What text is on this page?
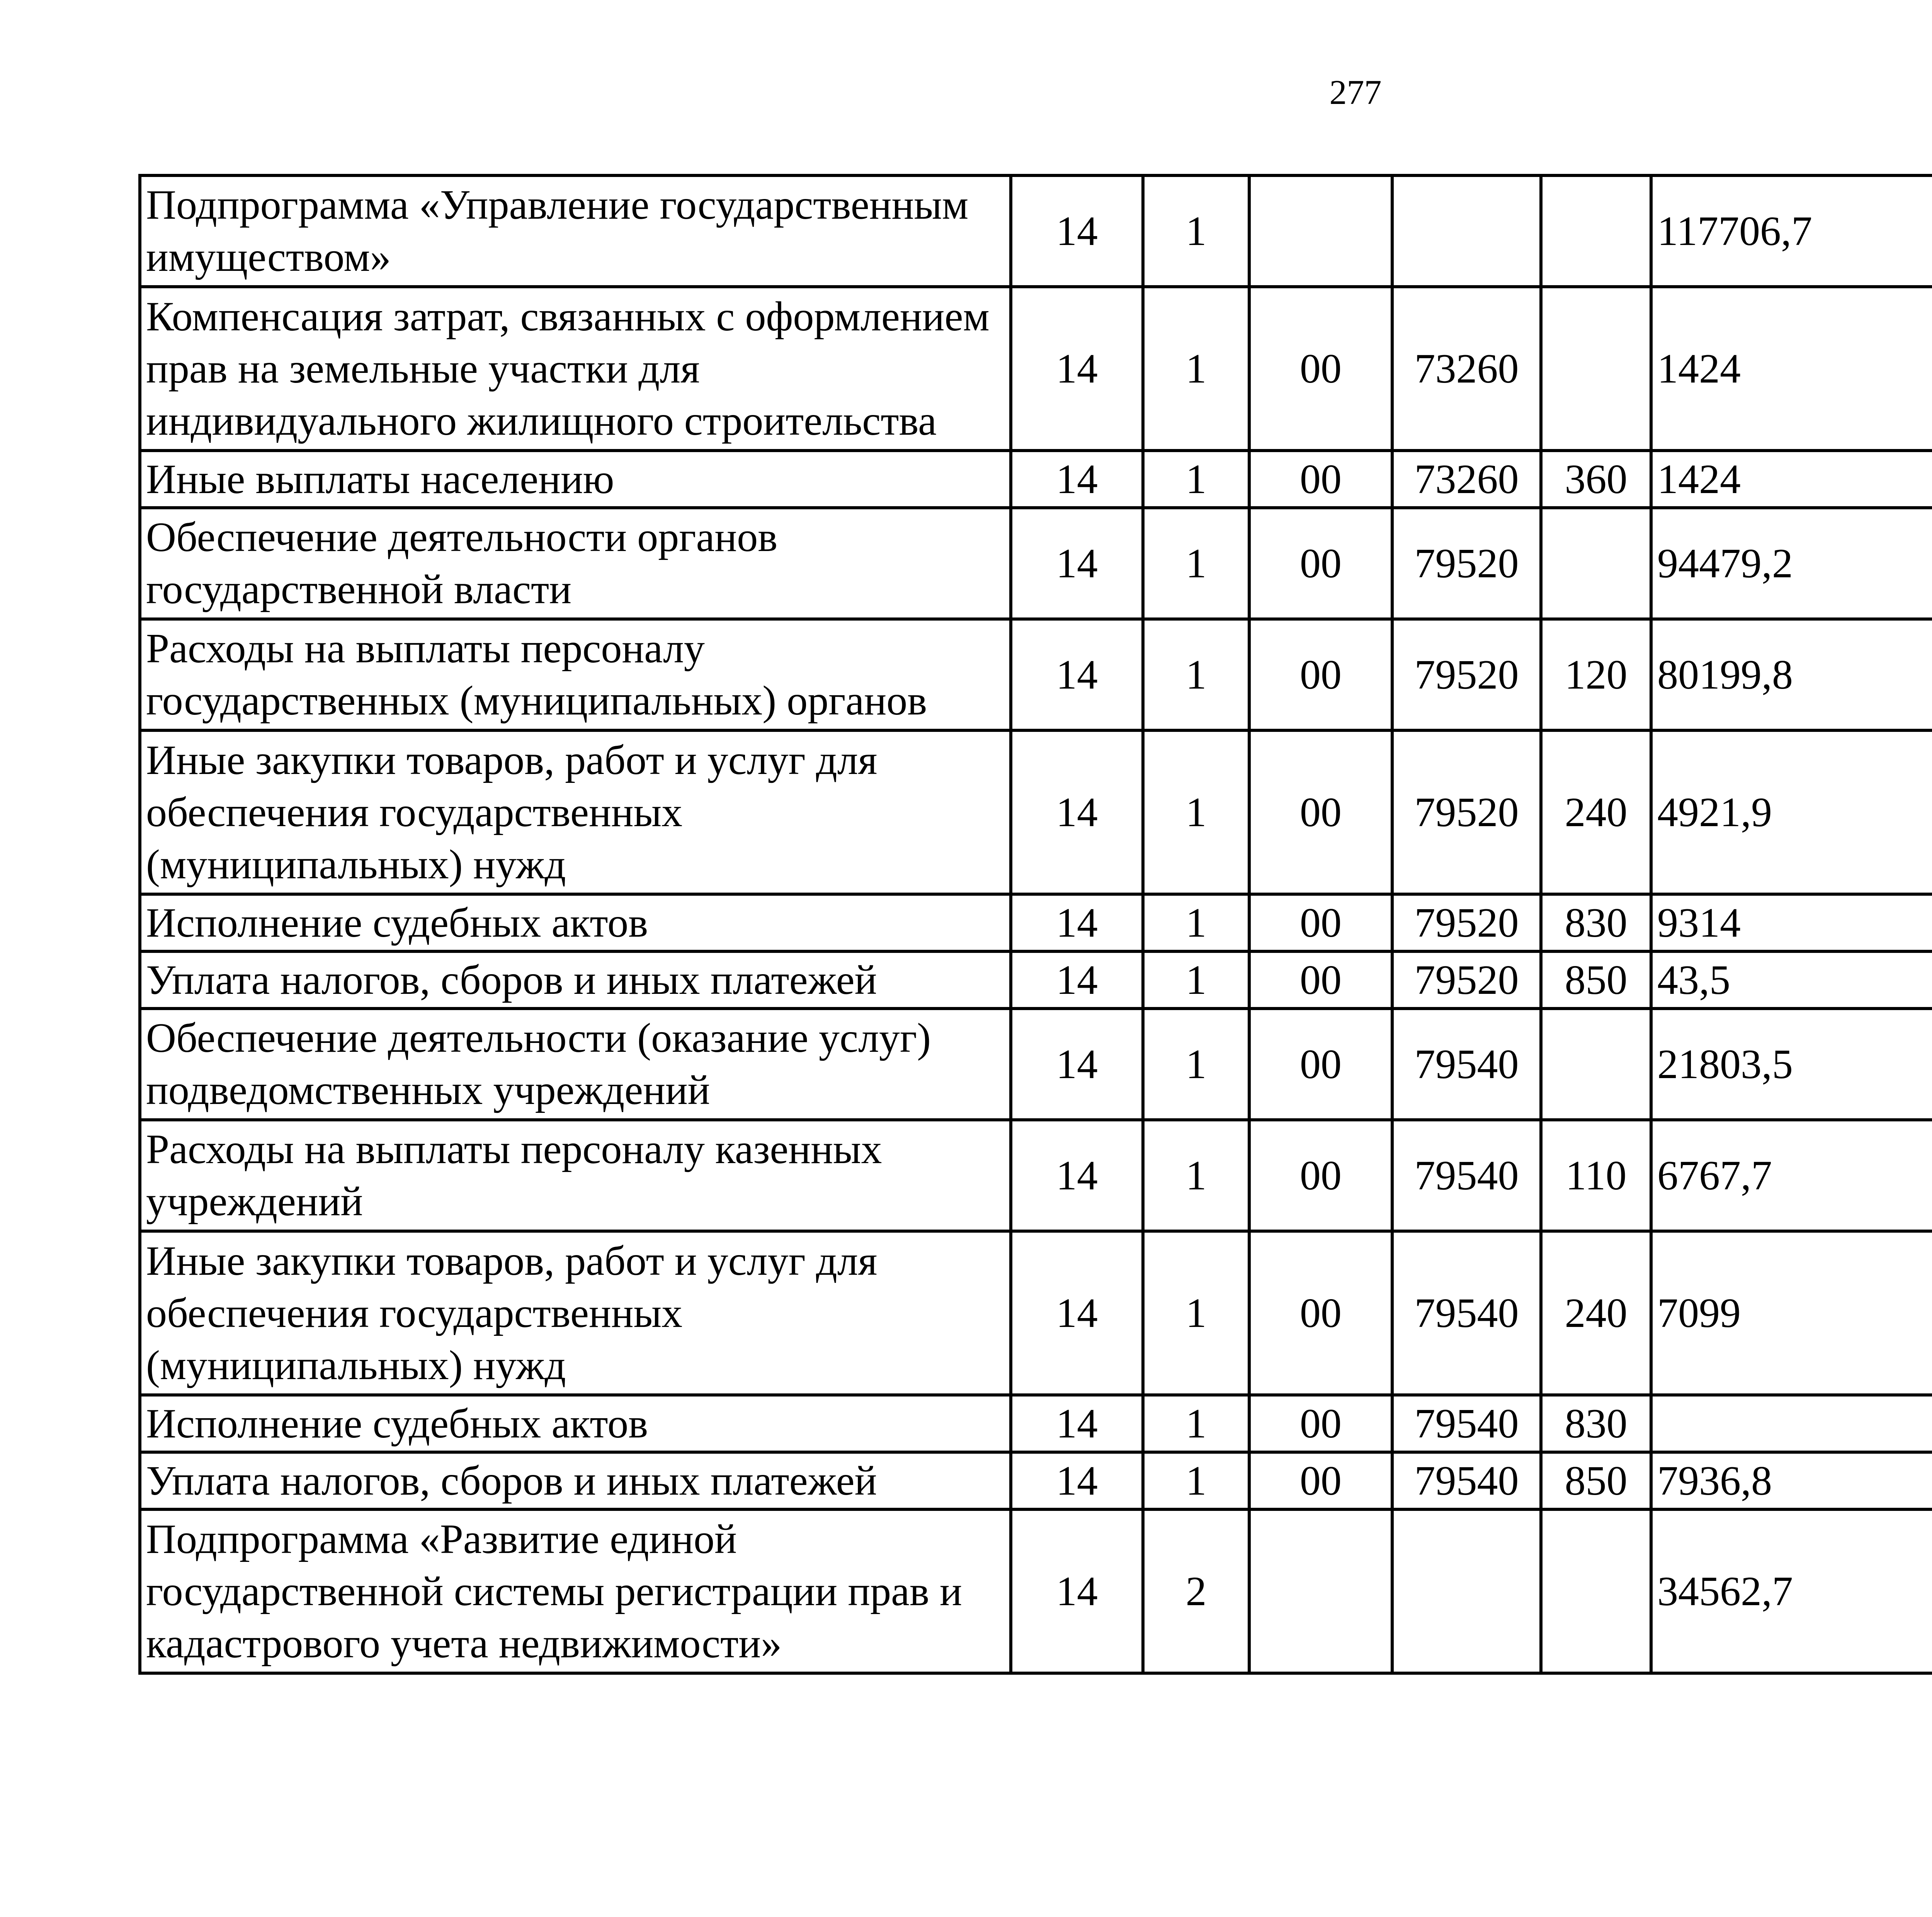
277
Подпрограмма «Управление государственным имуществом»	14	1				117706,7		
Компенсация затрат, связанных с оформлением прав на земельные участки для индивидуального жилищного строительства	14	1	00	73260		1424		
Иные выплаты населению	14	1	00	73260	360	1424		
Обеспечение деятельности органов государственной власти	14	1	00	79520		94479,2		
Расходы на выплаты персоналу государственных (муниципальных) органов	14	1	00	79520	120	80199,8		
Иные закупки товаров, работ и услуг для обеспечения государственных (муниципальных) нужд	14	1	00	79520	240	4921,9		
Исполнение судебных актов	14	1	00	79520	830	9314		
Уплата налогов, сборов и иных платежей	14	1	00	79520	850	43,5		
Обеспечение деятельности (оказание услуг) подведомственных учреждений	14	1	00	79540		21803,5		
Расходы на выплаты персоналу казенных учреждений	14	1	00	79540	110	6767,7		
Иные закупки товаров, работ и услуг для обеспечения государственных (муниципальных) нужд	14	1	00	79540	240	7099		
Исполнение судебных актов	14	1	00	79540	830			
Уплата налогов, сборов и иных платежей	14	1	00	79540	850	7936,8		
Подпрограмма «Развитие единой государственной системы регистрации прав и кадастрового учета недвижимости»	14	2				34562,7		
